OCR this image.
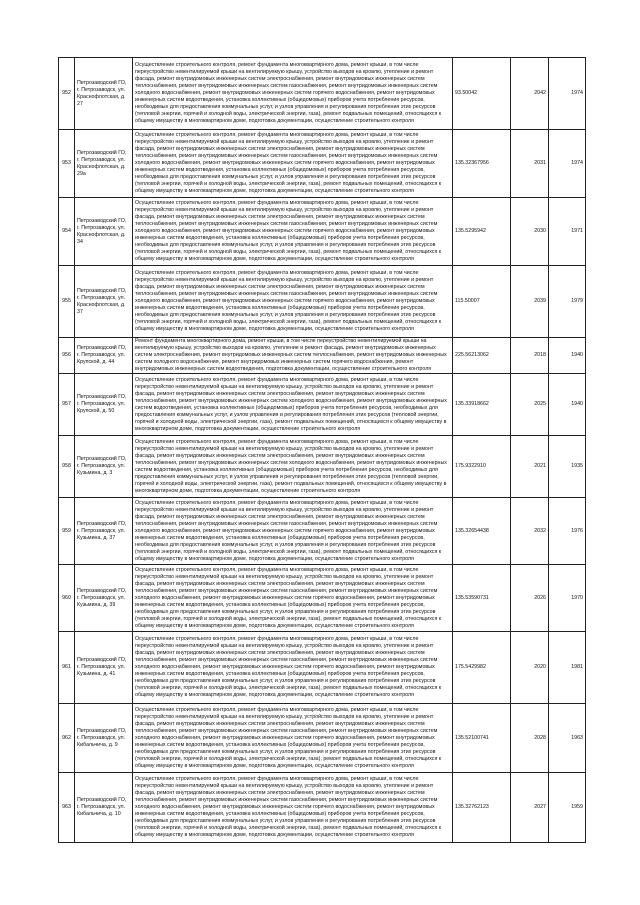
952	Петрозаводский ГО, г. Петрозаводск, ул. Краснофлотская, д. 27	Осуществление строительного контроля, ремонт фундамента многоквартирного дома, ремонт крыши, в том числе переустройство невентилируемой крыши на вентилируемую крышу, устройство выходов на кровлю, утепление и ремонт фасада, ремонт внутридомовых инженерных систем электроснабжения, ремонт внутридомовых инженерных систем теплоснабжения, ремонт внутридомовых инженерных систем газоснабжения, ремонт внутридомовых инженерных систем холодного водоснабжения, ремонт внутридомовых инженерных систем горячего водоснабжения, ремонт внутридомовых инженерных систем водоотведения, установка коллективных (общедомовых) приборов учета потребления ресурсов, необходимых для предоставления коммунальных услуг, и узлов управления и регулирования потребления этих ресурсов (тепловой энергии, горячей и холодной воды, электрической энергии, газа), ремонт подвальных помещений, относящихся к общему имуществу в многоквартирном доме, подготовка документации, осуществление строительного контроля	93.50042	2042	1974
953	Петрозаводский ГО, г. Петрозаводск, ул. Краснофлотская, д. 29а	Осуществление строительного контроля, ремонт фундамента многоквартирного дома, ремонт крыши, в том числе переустройство невентилируемой крыши на вентилируемую крышу, устройство выходов на кровлю, утепление и ремонт фасада, ремонт внутридомовых инженерных систем электроснабжения, ремонт внутридомовых инженерных систем теплоснабжения, ремонт внутридомовых инженерных систем газоснабжения, ремонт внутридомовых инженерных систем холодного водоснабжения, ремонт внутридомовых инженерных систем горячего водоснабжения, ремонт внутридомовых инженерных систем водоотведения, установка коллективных (общедомовых) приборов учета потребления ресурсов, необходимых для предоставления коммунальных услуг, и узлов управления и регулирования потребления этих ресурсов (тепловой энергии, горячей и холодной воды, электрической энергии, газа), ремонт подвальных помещений, относящихся к общему имуществу в многоквартирном доме, подготовка документации, осуществление строительного контроля	135.32367956	2031	1974
954	Петрозаводский ГО, г. Петрозаводск, ул. Краснофлотская, д. 34	Осуществление строительного контроля, ремонт фундамента многоквартирного дома, ремонт крыши, в том числе переустройство невентилируемой крыши на вентилируемую крышу, устройство выходов на кровлю, утепление и ремонт фасада, ремонт внутридомовых инженерных систем электроснабжения, ремонт внутридомовых инженерных систем теплоснабжения, ремонт внутридомовых инженерных систем газоснабжения, ремонт внутридомовых инженерных систем холодного водоснабжения, ремонт внутридомовых инженерных систем горячего водоснабжения, ремонт внутридомовых инженерных систем водоотведения, установка коллективных (общедомовых) приборов учета потребления ресурсов, необходимых для предоставления коммунальных услуг, и узлов управления и регулирования потребления этих ресурсов (тепловой энергии, горячей и холодной воды, электрической энергии, газа), ремонт подвальных помещений, относящихся к общему имуществу в многоквартирном доме, подготовка документации, осуществление строительного контроля	135.5295942	2030	1971
955	Петрозаводский ГО, г. Петрозаводск, ул. Краснофлотская, д. 37	Осуществление строительного контроля, ремонт фундамента многоквартирного дома, ремонт крыши, в том числе переустройство невентилируемой крыши на вентилируемую крышу, устройство выходов на кровлю, утепление и ремонт фасада, ремонт внутридомовых инженерных систем электроснабжения, ремонт внутридомовых инженерных систем теплоснабжения, ремонт внутридомовых инженерных систем газоснабжения, ремонт внутридомовых инженерных систем холодного водоснабжения, ремонт внутридомовых инженерных систем горячего водоснабжения, ремонт внутридомовых инженерных систем водоотведения, установка коллективных (общедомовых) приборов учета потребления ресурсов, необходимых для предоставления коммунальных услуг, и узлов управления и регулирования потребления этих ресурсов (тепловой энергии, горячей и холодной воды, электрической энергии, газа), ремонт подвальных помещений, относящихся к общему имуществу в многоквартирном доме, подготовка документации, осуществление строительного контроля	115.50007	2039	1979
956	Петрозаводский ГО, г. Петрозаводск, ул. Крупской, д. 44	Ремонт фундамента многоквартирного дома, ремонт крыши, в том числе переустройство невентилируемой крыши на вентилируемую крышу, устройство выходов на кровлю, утепление и ремонт фасада, ремонт внутридомовых инженерных систем электроснабжения, ремонт внутридомовых инженерных систем теплоснабжения, ремонт внутридомовых инженерных систем холодного водоснабжения, ремонт внутридомовых инженерных систем горячего водоснабжения, ремонт внутридомовых инженерных систем водоотведения, подготовка документации, осуществление строительного контроля	225.56213062	2018	1940
957	Петрозаводский ГО, г. Петрозаводск, ул. Крупской, д. 50	Осуществление строительного контроля, ремонт фундамента многоквартирного дома, ремонт крыши, в том числе переустройство невентилируемой крыши на вентилируемую крышу, устройство выходов на кровлю, утепление и ремонт фасада, ремонт внутридомовых инженерных систем электроснабжения, ремонт внутридомовых инженерных систем теплоснабжения, ремонт внутридомовых инженерных систем холодного водоснабжения, ремонт внутридомовых инженерных систем водоотведения, установка коллективных (общедомовых) приборов учета потребления ресурсов, необходимых для предоставления коммунальных услуг, и узлов управления и регулирования потребления этих ресурсов (тепловой энергии, горячей и холодной воды, электрической энергии, газа), ремонт подвальных помещений, относящихся к общему имуществу в многоквартирном доме, подготовка документации, осуществление строительного контроля	135.33918662	2025	1940
958	Петрозаводский ГО, г. Петрозаводск, ул. Кузьмина, д. 3	Осуществление строительного контроля, ремонт фундамента многоквартирного дома, ремонт крыши, в том числе переустройство невентилируемой крыши на вентилируемую крышу, устройство выходов на кровлю, утепление и ремонт фасада, ремонт внутридомовых инженерных систем электроснабжения, ремонт внутридомовых инженерных систем теплоснабжения, ремонт внутридомовых инженерных систем холодного водоснабжения, ремонт внутридомовых инженерных систем водоотведения, установка коллективных (общедомовых) приборов учета потребления ресурсов, необходимых для предоставления коммунальных услуг, и узлов управления и регулирования потребления этих ресурсов (тепловой энергии, горячей и холодной воды, электрической энергии, газа), ремонт подвальных помещений, относящихся к общему имуществу в многоквартирном доме, подготовка документации, осуществление строительного контроля	175.9322910	2021	1935
959	Петрозаводский ГО, г. Петрозаводск, ул. Кузьмина, д. 37	Осуществление строительного контроля, ремонт фундамента многоквартирного дома, ремонт крыши, в том числе переустройство невентилируемой крыши на вентилируемую крышу, устройство выходов на кровлю, утепление и ремонт фасада, ремонт внутридомовых инженерных систем электроснабжения, ремонт внутридомовых инженерных систем теплоснабжения, ремонт внутридомовых инженерных систем газоснабжения, ремонт внутридомовых инженерных систем холодного водоснабжения, ремонт внутридомовых инженерных систем горячего водоснабжения, ремонт внутридомовых инженерных систем водоотведения, установка коллективных (общедомовых) приборов учета потребления ресурсов, необходимых для предоставления коммунальных услуг, и узлов управления и регулирования потребления этих ресурсов (тепловой энергии, горячей и холодной воды, электрической энергии, газа), ремонт подвальных помещений, относящихся к общему имуществу в многоквартирном доме, подготовка документации, осуществление строительного контроля	135.32654438	2032	1976
960	Петрозаводский ГО, г. Петрозаводск, ул. Кузьмина, д. 39	Осуществление строительного контроля, ремонт фундамента многоквартирного дома, ремонт крыши, в том числе переустройство невентилируемой крыши на вентилируемую крышу, устройство выходов на кровлю, утепление и ремонт фасада, ремонт внутридомовых инженерных систем электроснабжения, ремонт внутридомовых инженерных систем теплоснабжения, ремонт внутридомовых инженерных систем газоснабжения, ремонт внутридомовых инженерных систем холодного водоснабжения, ремонт внутридомовых инженерных систем горячего водоснабжения, ремонт внутридомовых инженерных систем водоотведения, установка коллективных (общедомовых) приборов учета потребления ресурсов, необходимых для предоставления коммунальных услуг, и узлов управления и регулирования потребления этих ресурсов (тепловой энергии, горячей и холодной воды, электрической энергии, газа), ремонт подвальных помещений, относящихся к общему имуществу в многоквартирном доме, подготовка документации, осуществление строительного контроля	135.53590731	2026	1970
961	Петрозаводский ГО, г. Петрозаводск, ул. Кузьмина, д. 41	Осуществление строительного контроля, ремонт фундамента многоквартирного дома, ремонт крыши, в том числе переустройство невентилируемой крыши на вентилируемую крышу, устройство выходов на кровлю, утепление и ремонт фасада, ремонт внутридомовых инженерных систем электроснабжения, ремонт внутридомовых инженерных систем теплоснабжения, ремонт внутридомовых инженерных систем газоснабжения, ремонт внутридомовых инженерных систем холодного водоснабжения, ремонт внутридомовых инженерных систем горячего водоснабжения, ремонт внутридомовых инженерных систем водоотведения, установка коллективных (общедомовых) приборов учета потребления ресурсов, необходимых для предоставления коммунальных услуг, и узлов управления и регулирования потребления этих ресурсов (тепловой энергии, горячей и холодной воды, электрической энергии, газа), ремонт подвальных помещений, относящихся к общему имуществу в многоквартирном доме, подготовка документации, осуществление строительного контроля	175.5429982	2020	1981
962	Петрозаводский ГО, г. Петрозаводск, ул. Кибальчича, д. 9	Осуществление строительного контроля, ремонт фундамента многоквартирного дома, ремонт крыши, в том числе переустройство невентилируемой крыши на вентилируемую крышу, устройство выходов на кровлю, утепление и ремонт фасада, ремонт внутридомовых инженерных систем электроснабжения, ремонт внутридомовых инженерных систем теплоснабжения, ремонт внутридомовых инженерных систем газоснабжения, ремонт внутридомовых инженерных систем холодного водоснабжения, ремонт внутридомовых инженерных систем горячего водоснабжения, ремонт внутридомовых инженерных систем водоотведения, установка коллективных (общедомовых) приборов учета потребления ресурсов, необходимых для предоставления коммунальных услуг, и узлов управления и регулирования потребления этих ресурсов (тепловой энергии, горячей и холодной воды, электрической энергии, газа), ремонт подвальных помещений, относящихся к общему имуществу в многоквартирном доме, подготовка документации, осуществление строительного контроля	135.52100741	2028	1963
963	Петрозаводский ГО, г. Петрозаводск, ул. Кибальчича, д. 10	Осуществление строительного контроля, ремонт фундамента многоквартирного дома, ремонт крыши, в том числе переустройство невентилируемой крыши на вентилируемую крышу, устройство выходов на кровлю, утепление и ремонт фасада, ремонт внутридомовых инженерных систем электроснабжения, ремонт внутридомовых инженерных систем теплоснабжения, ремонт внутридомовых инженерных систем газоснабжения, ремонт внутридомовых инженерных систем холодного водоснабжения, ремонт внутридомовых инженерных систем горячего водоснабжения, ремонт внутридомовых инженерных систем водоотведения, установка коллективных (общедомовых) приборов учета потребления ресурсов, необходимых для предоставления коммунальных услуг, и узлов управления и регулирования потребления этих ресурсов (тепловой энергии, горячей и холодной воды, электрической энергии, газа), ремонт подвальных помещений, относящихся к общему имуществу в многоквартирном доме, подготовка документации, осуществление строительного контроля	135.32762123	2027	1959
